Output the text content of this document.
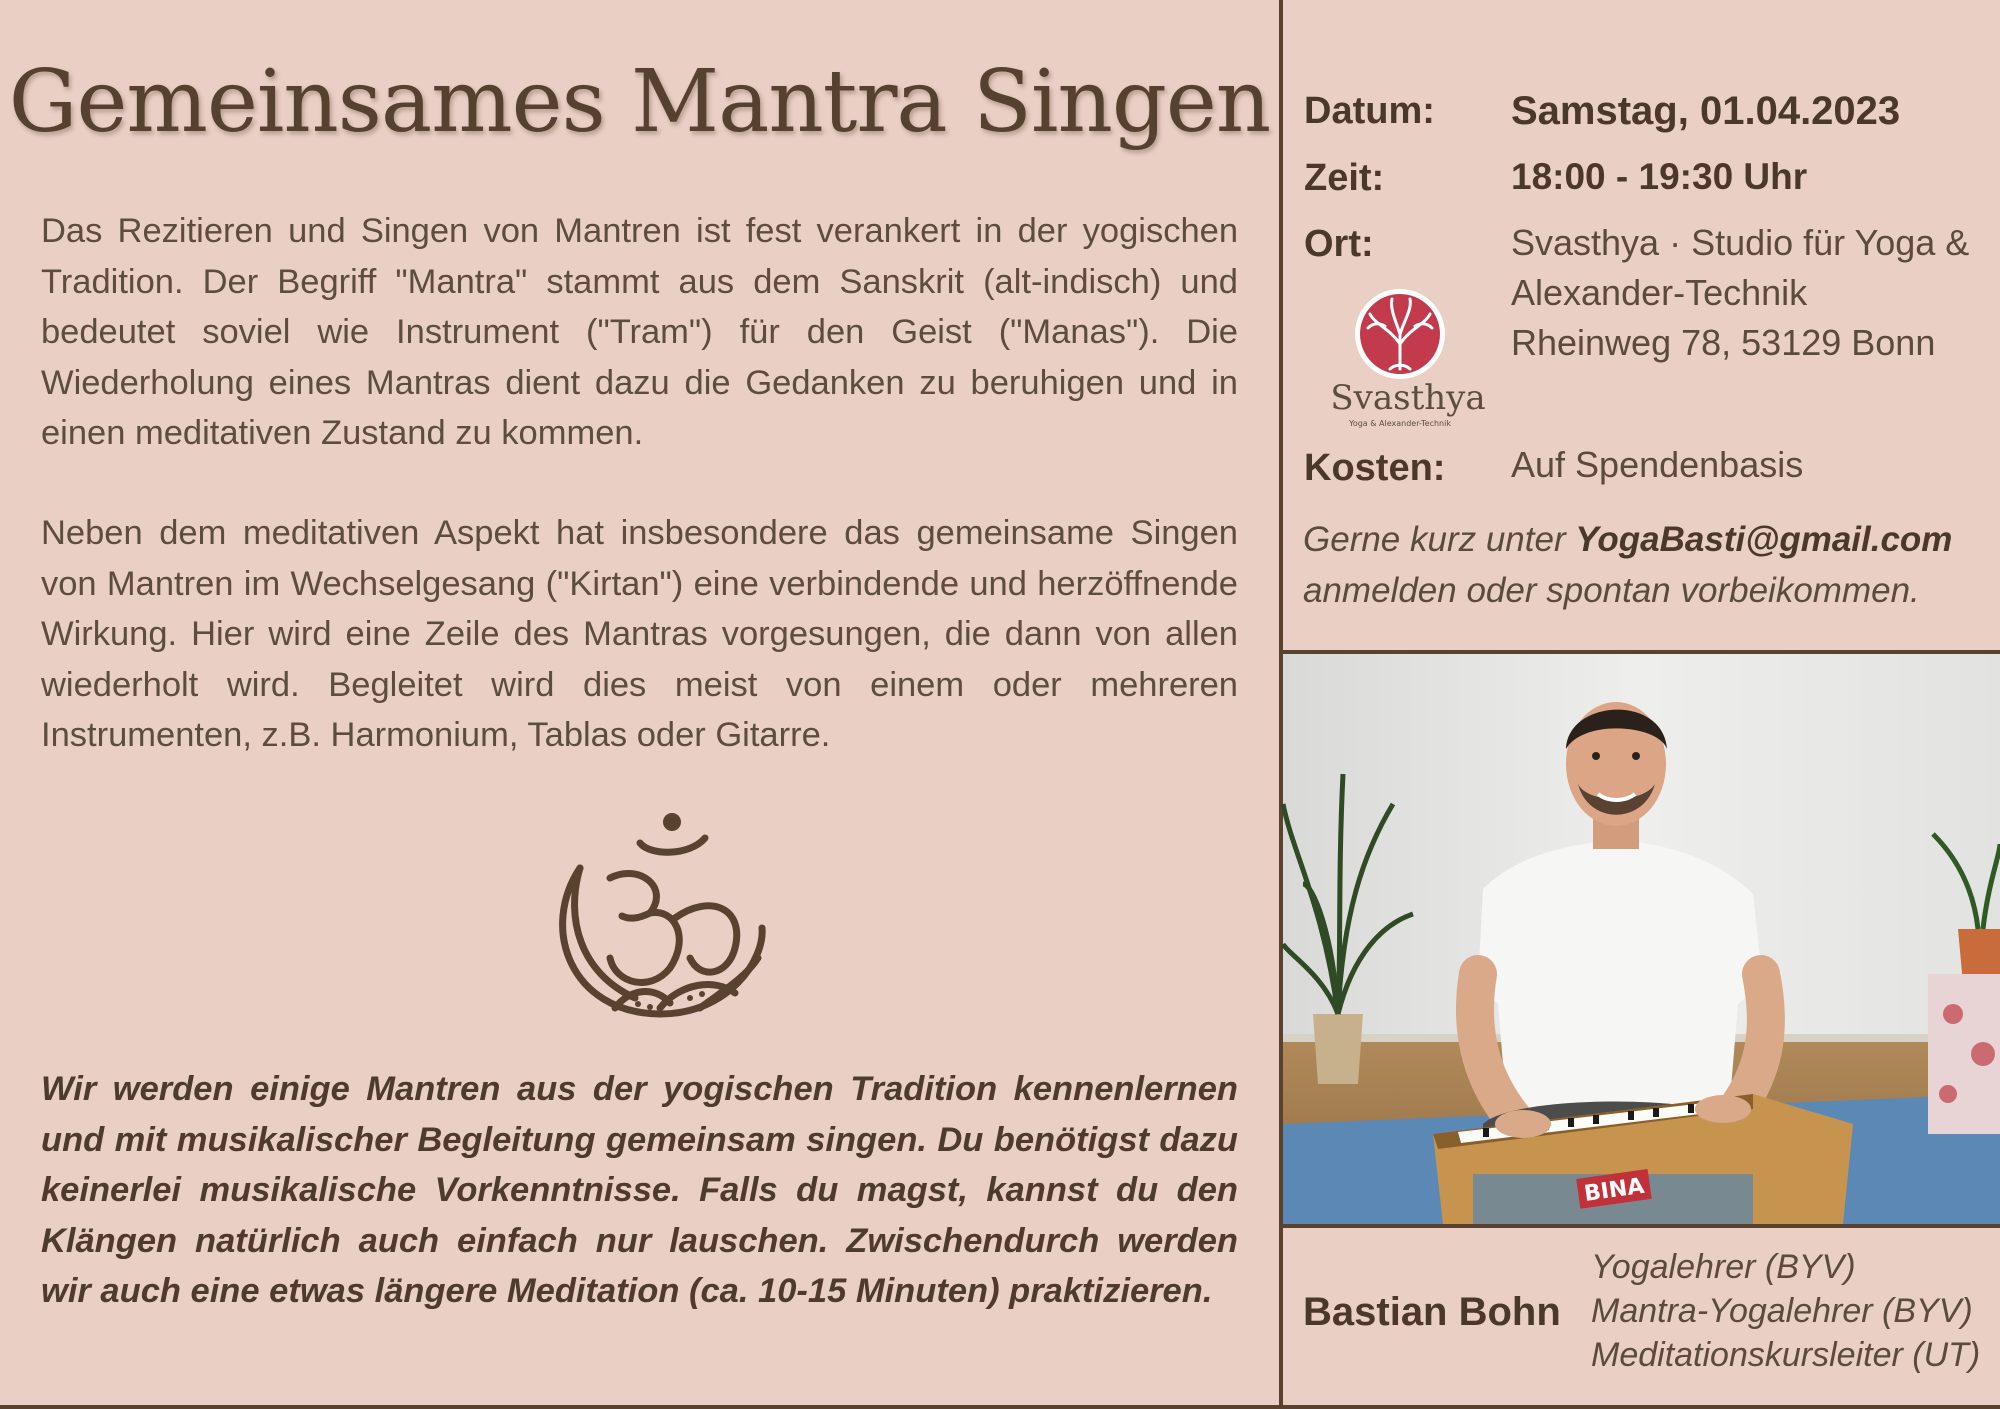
Gemeinsames Mantra Singen
Das Rezitieren und Singen von Mantren ist fest verankert in der yogischen Tradition. Der Begriff "Mantra" stammt aus dem Sanskrit (alt-indisch) und bedeutet soviel wie Instrument ("Tram") für den Geist ("Manas"). Die Wiederholung eines Mantras dient dazu die Gedanken zu beruhigen und in einen meditativen Zustand zu kommen.
Neben dem meditativen Aspekt hat insbesondere das gemeinsame Singen von Mantren im Wechselgesang ("Kirtan") eine verbindende und herzöffnende Wirkung. Hier wird eine Zeile des Mantras vorgesungen, die dann von allen wiederholt wird. Begleitet wird dies meist von einem oder mehreren Instrumenten, z.B. Harmonium, Tablas oder Gitarre.
Wir werden einige Mantren aus der yogischen Tradition kennenlernen und mit musikalischer Begleitung gemeinsam singen. Du benötigst dazu keinerlei musikalische Vorkenntnisse. Falls du magst, kannst du den Klängen natürlich auch einfach nur lauschen. Zwischendurch werden wir auch eine etwas längere Meditation (ca. 10-15 Minuten) praktizieren.
Datum: Samstag, 01.04.2023
Zeit:	18:00 - 19:30 Uhr
Ort:	Svasthya · Studio für Yoga &
Alexander-Technik
Rheinweg 78, 53129 Bonn
Svasthya
Yoga & Alexander-Technik
Kosten: Auf Spendenbasis
Gerne kurz unter YogaBasti@gmail.com
anmelden oder spontan vorbeikommen.
BINA
Bastian Bohn
Yogalehrer (BYV)
Mantra-Yogalehrer (BYV)
Meditationskursleiter (UT)
